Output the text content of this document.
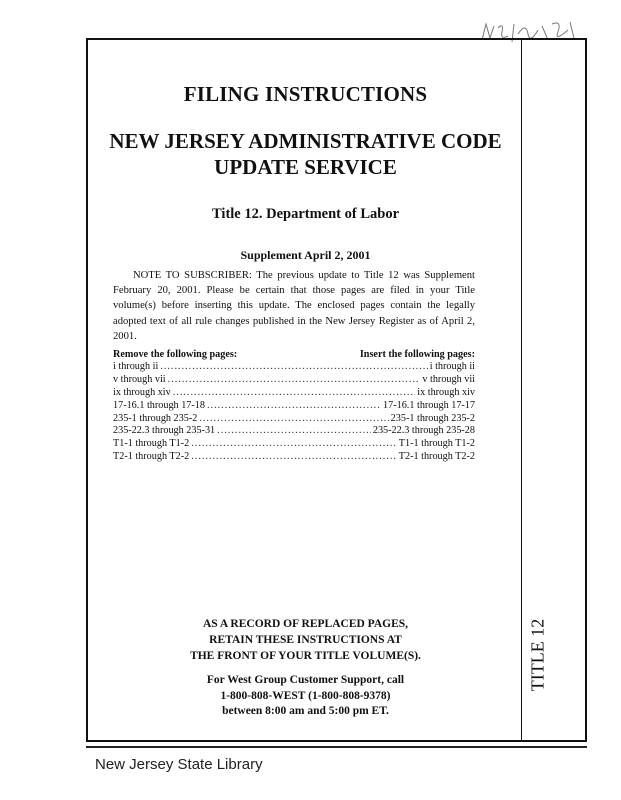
FILING INSTRUCTIONS
NEW JERSEY ADMINISTRATIVE CODE
UPDATE SERVICE
Title 12. Department of Labor
Supplement April 2, 2001
NOTE TO SUBSCRIBER: The previous update to Title 12 was Supplement February 20, 2001. Please be certain that those pages are filed in your Title volume(s) before inserting this update. The enclosed pages contain the legally adopted text of all rule changes published in the New Jersey Register as of April 2, 2001.
Remove the following pages:	Insert the following pages:
i through ii .....	i through ii
v through vii .....	v through vii
ix through xiv .....	ix through xiv
17-16.1 through 17-18 .....	17-16.1 through 17-17
235-1 through 235-2 .....	235-1 through 235-2
235-22.3 through 235-31 .....	235-22.3 through 235-28
T1-1 through T1-2 .....	T1-1 through T1-2
T2-1 through T2-2 .....	T2-1 through T2-2
AS A RECORD OF REPLACED PAGES,
RETAIN THESE INSTRUCTIONS AT
THE FRONT OF YOUR TITLE VOLUME(S).
For West Group Customer Support, call
1-800-808-WEST (1-800-808-9378)
between 8:00 am and 5:00 pm ET.
TITLE 12
New Jersey State Library
